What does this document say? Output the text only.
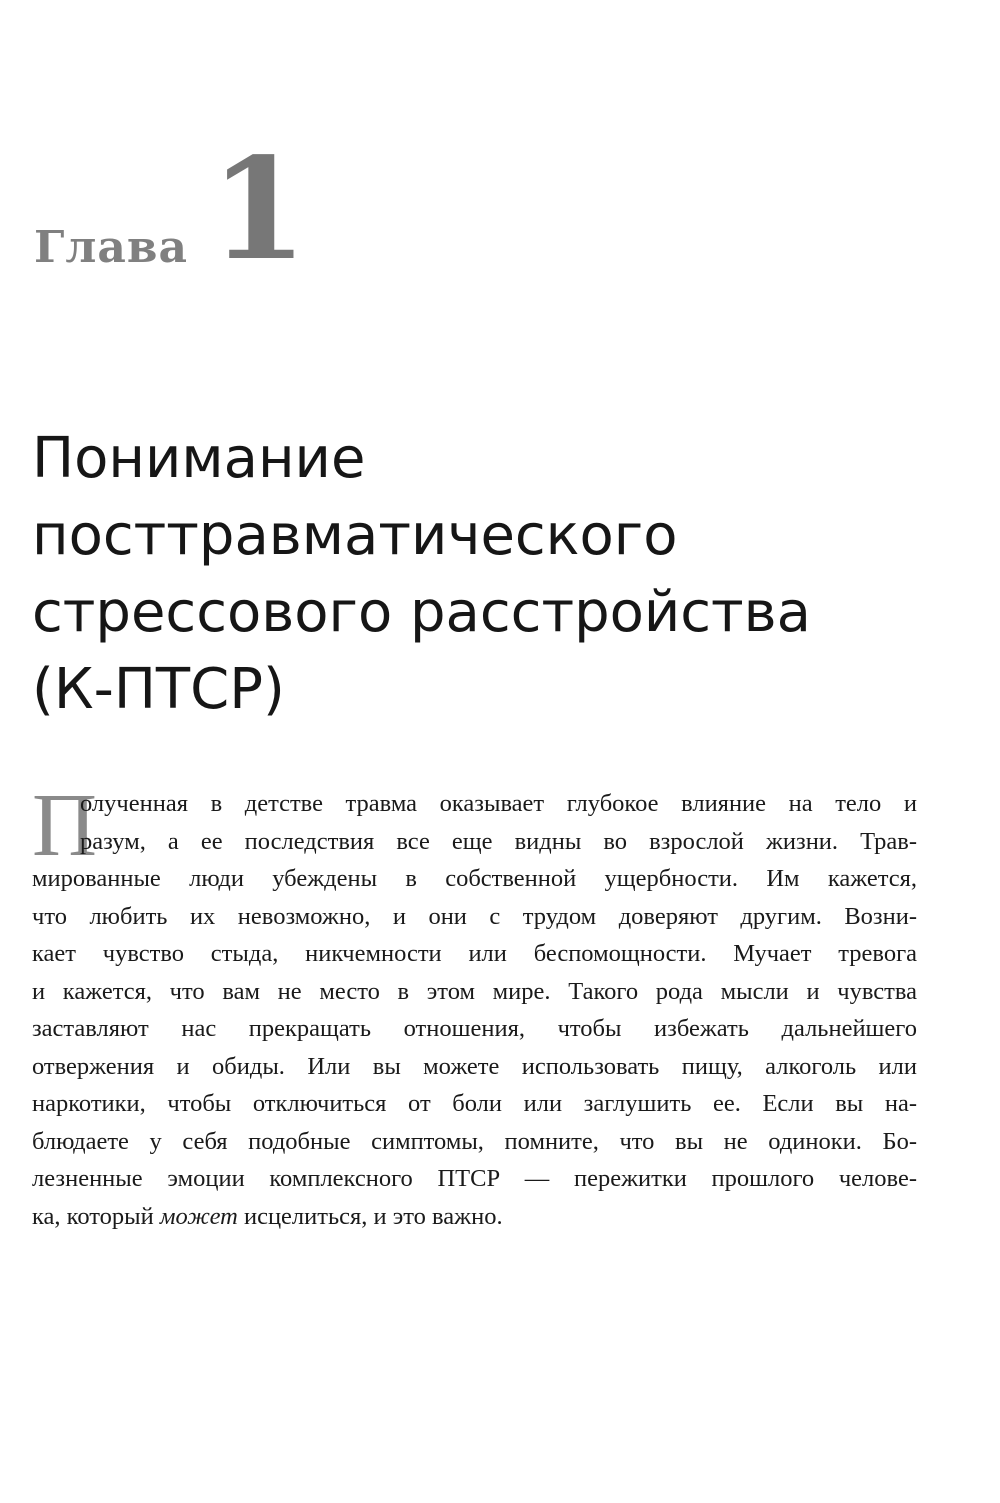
Глава 1
Понимание
посттравматического
стрессового расстройства
(К-ПТСР)
П
олученная в детстве травма оказывает глубокое влияние на тело и
разум, а ее последствия все еще видны во взрослой жизни. Трав-
мированные люди убеждены в собственной ущербности. Им кажется,
что любить их невозможно, и они с трудом доверяют другим. Возни-
кает чувство стыда, никчемности или беспомощности. Мучает тревога
и кажется, что вам не место в этом мире. Такого рода мысли и чувства
заставляют нас прекращать отношения, чтобы избежать дальнейшего
отвержения и обиды. Или вы можете использовать пищу, алкоголь или
наркотики, чтобы отключиться от боли или заглушить ее. Если вы на-
блюдаете у себя подобные симптомы, помните, что вы не одиноки. Бо-
лезненные эмоции комплексного ПТСР — пережитки прошлого челове-
ка, который может исцелиться, и это важно.
